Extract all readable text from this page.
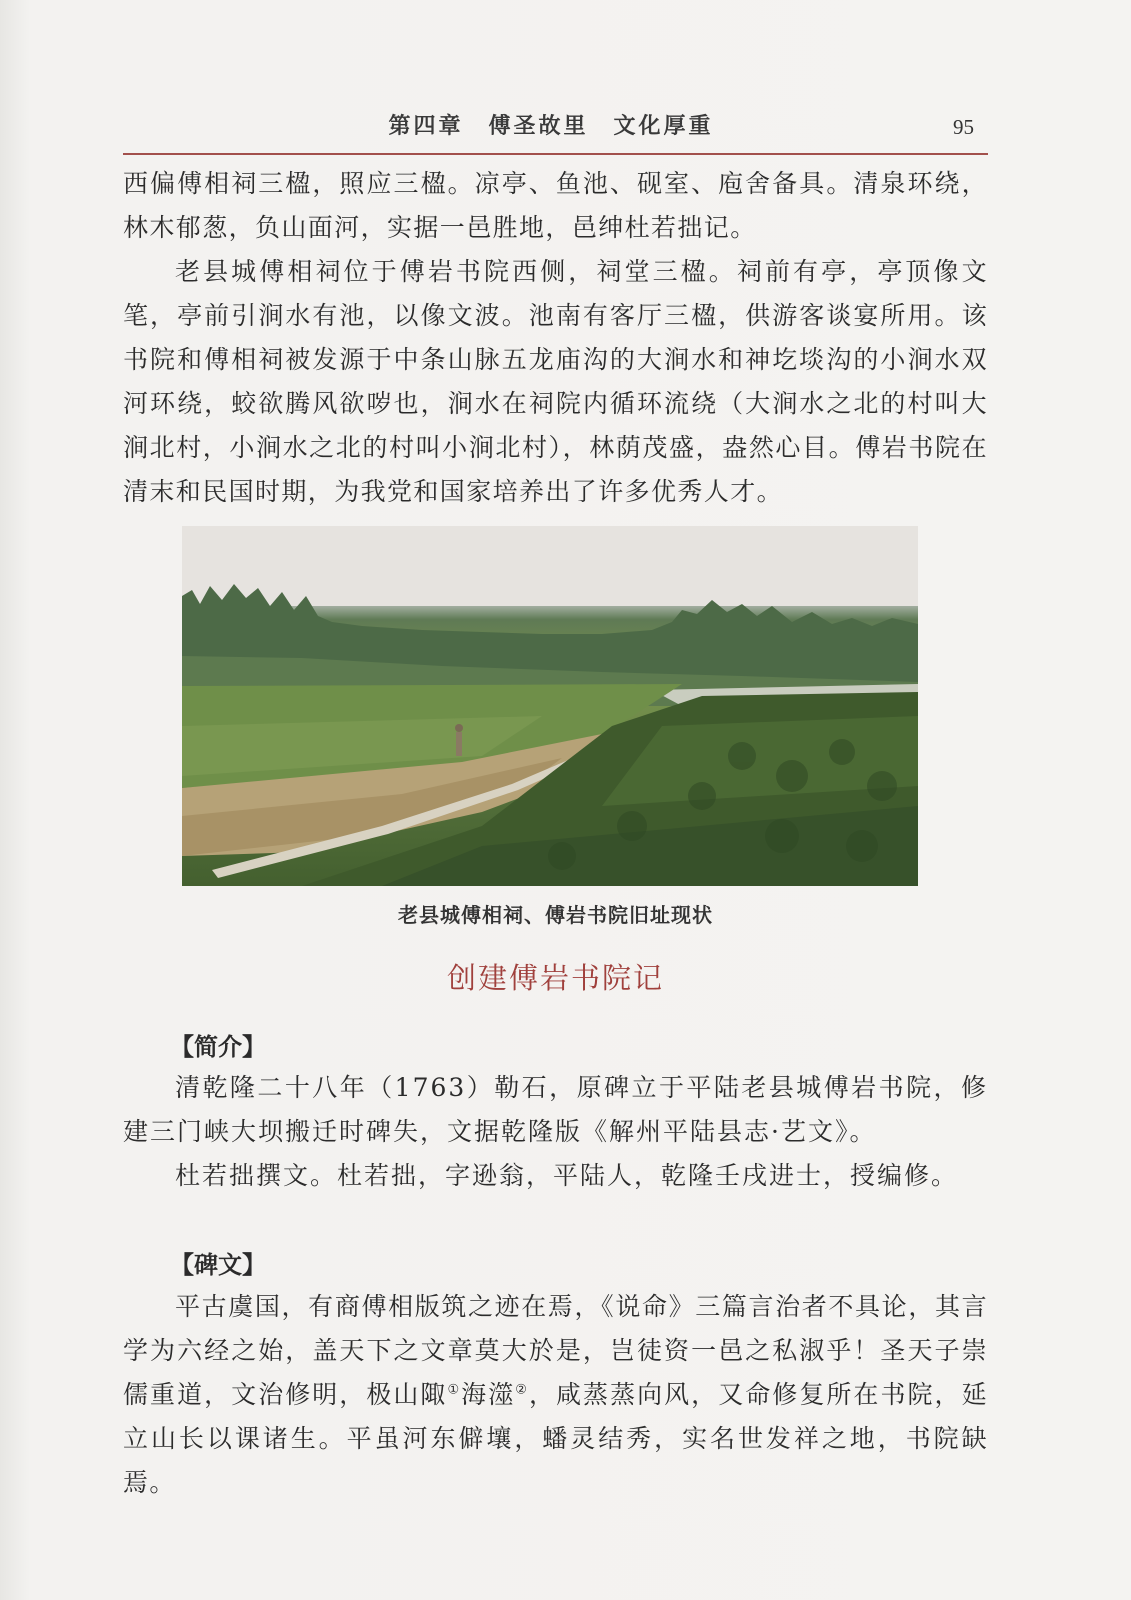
第四章　傅圣故里　文化厚重	95

西偏傅相祠三楹，照应三楹。凉亭、鱼池、砚室、庖舍备具。清泉环绕，林木郁葱，负山面河，实据一邑胜地，邑绅杜若拙记。

老县城傅相祠位于傅岩书院西侧，祠堂三楹。祠前有亭，亭顶像文笔，亭前引涧水有池，以像文波。池南有客厅三楹，供游客谈宴所用。该书院和傅相祠被发源于中条山脉五龙庙沟的大涧水和神圪埮沟的小涧水双河环绕，蛟欲腾风欲哕也，涧水在祠院内循环流绕（大涧水之北的村叫大涧北村，小涧水之北的村叫小涧北村），林荫茂盛，盎然心目。傅岩书院在清末和民国时期，为我党和国家培养出了许多优秀人才。

老县城傅相祠、傅岩书院旧址现状
创建傅岩书院记
【简介】

清乾隆二十八年（1763）勒石，原碑立于平陆老县城傅岩书院，修建三门峡大坝搬迁时碑失，文据乾隆版《解州平陆县志·艺文》。

杜若拙撰文。杜若拙，字逊翁，平陆人，乾隆壬戌进士，授编修。

【碑文】

平古虞国，有商傅相版筑之迹在焉，《说命》三篇言治者不具论，其言学为六经之始，盖天下之文章莫大於是，岂徒资一邑之私淑乎！圣天子崇儒重道，文治修明，极山陬①海澨②，咸蒸蒸向风，又命修复所在书院，延立山长以课诸生。平虽河东僻壤，蟠灵结秀，实名世发祥之地，书院缺焉。
